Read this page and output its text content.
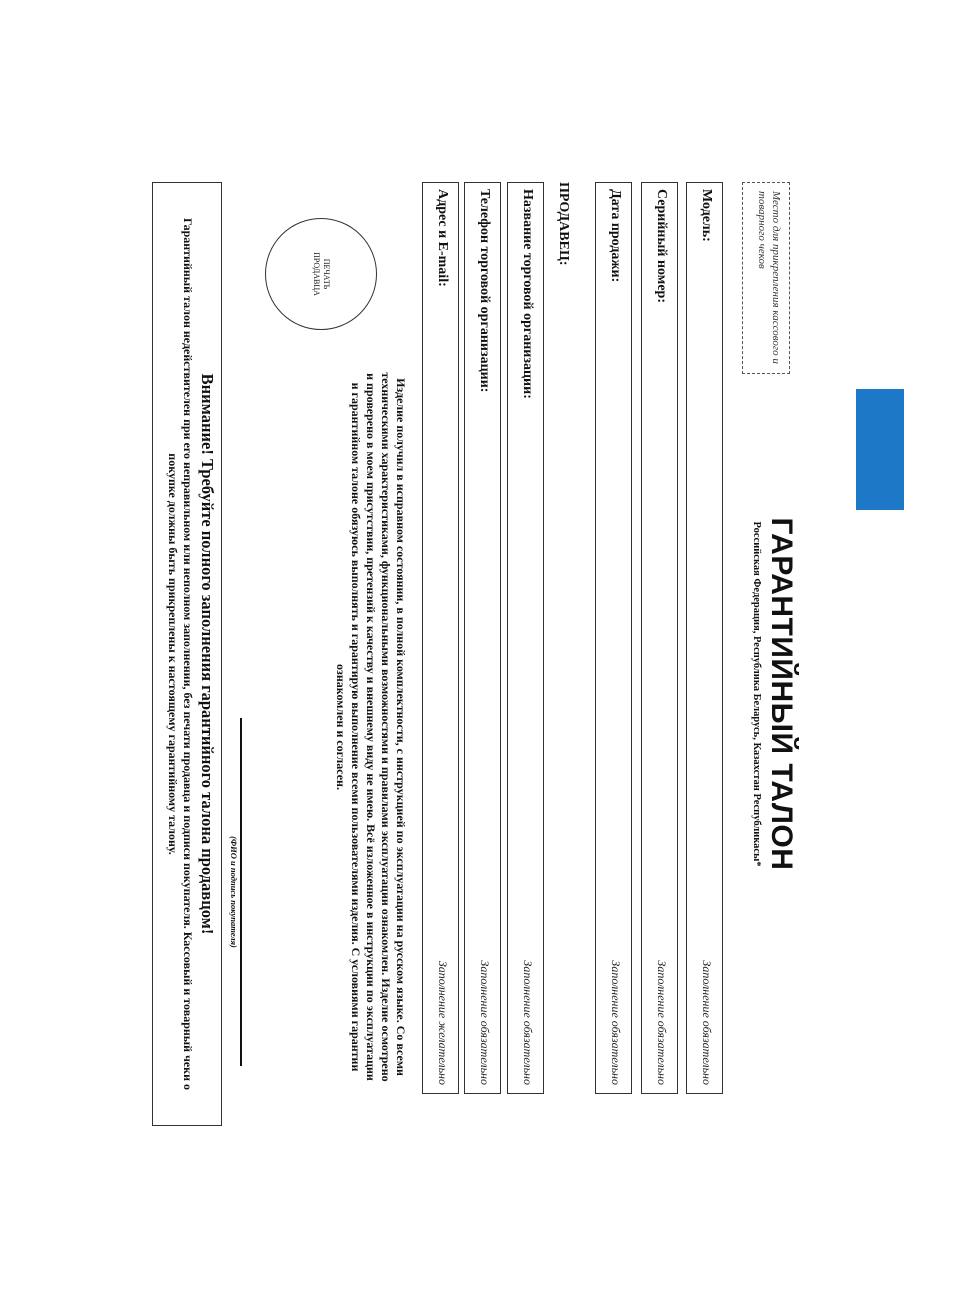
Место для прикрепления кассового и товарного чеков
ГАРАНТИЙНЫЙ ТАЛОН
Российская Федерация, Республика Беларусь, Казахстан Республикасы*
Модель:
Заполнение обязательно
Серийный номер:
Заполнение обязательно
Дата продажи:
Заполнение обязательно
ПРОДАВЕЦ:
Название торговой организации:
Заполнение обязательно
Телефон торговой организации:
Заполнение обязательно
Адрес и E-mail:
Заполнение желательно
Изделие получил в исправном состоянии, в полной комплектности, с инструкцией по эксплуатации на русском языке. Со всеми техническими характеристиками, функциональными возможностями и правилами эксплуатации ознакомлен. Изделие осмотрено и проверено в моем присутствии, претензий к качеству и внешнему виду не имею. Всё изложенное в инструкции по эксплуатации и гарантийном талоне обязуюсь выполнять и гарантирую выполнение всеми пользователями изделия. С условиями гарантии ознакомлен и согласен.
ПЕЧАТЬ ПРОДАВЦА
(ФИО и подпись покупателя)
Внимание! Требуйте полного заполнения гарантийного талона продавцом!
Гарантийный талон недействителен при его неправильном или неполном заполнении, без печати продавца и подписи покупателя. Кассовый и товарный чеки о покупке должны быть прикреплены к настоящему гарантийному талону.
